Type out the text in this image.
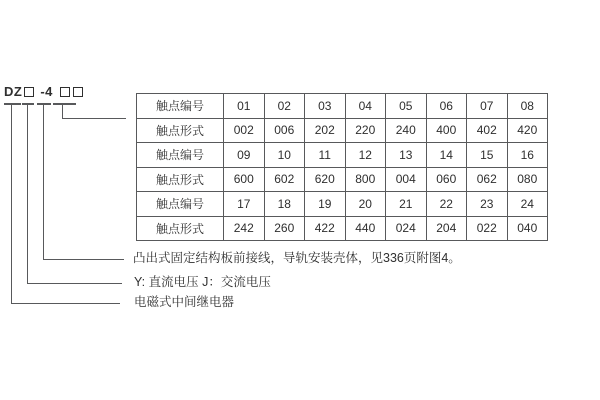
DZ -4
触点编号	01	02	03	04	05	06	07	08
触点形式	002	006	202	220	240	400	402	420
触点编号	09	10	11	12	13	14	15	16
触点形式	600	602	620	800	004	060	062	080
触点编号	17	18	19	20	21	22	23	24
触点形式	242	260	422	440	024	204	022	040
凸出式固定结构板前接线，导轨安装壳体，见336页附图4。
Y: 直流电压 J：交流电压
电磁式中间继电器
